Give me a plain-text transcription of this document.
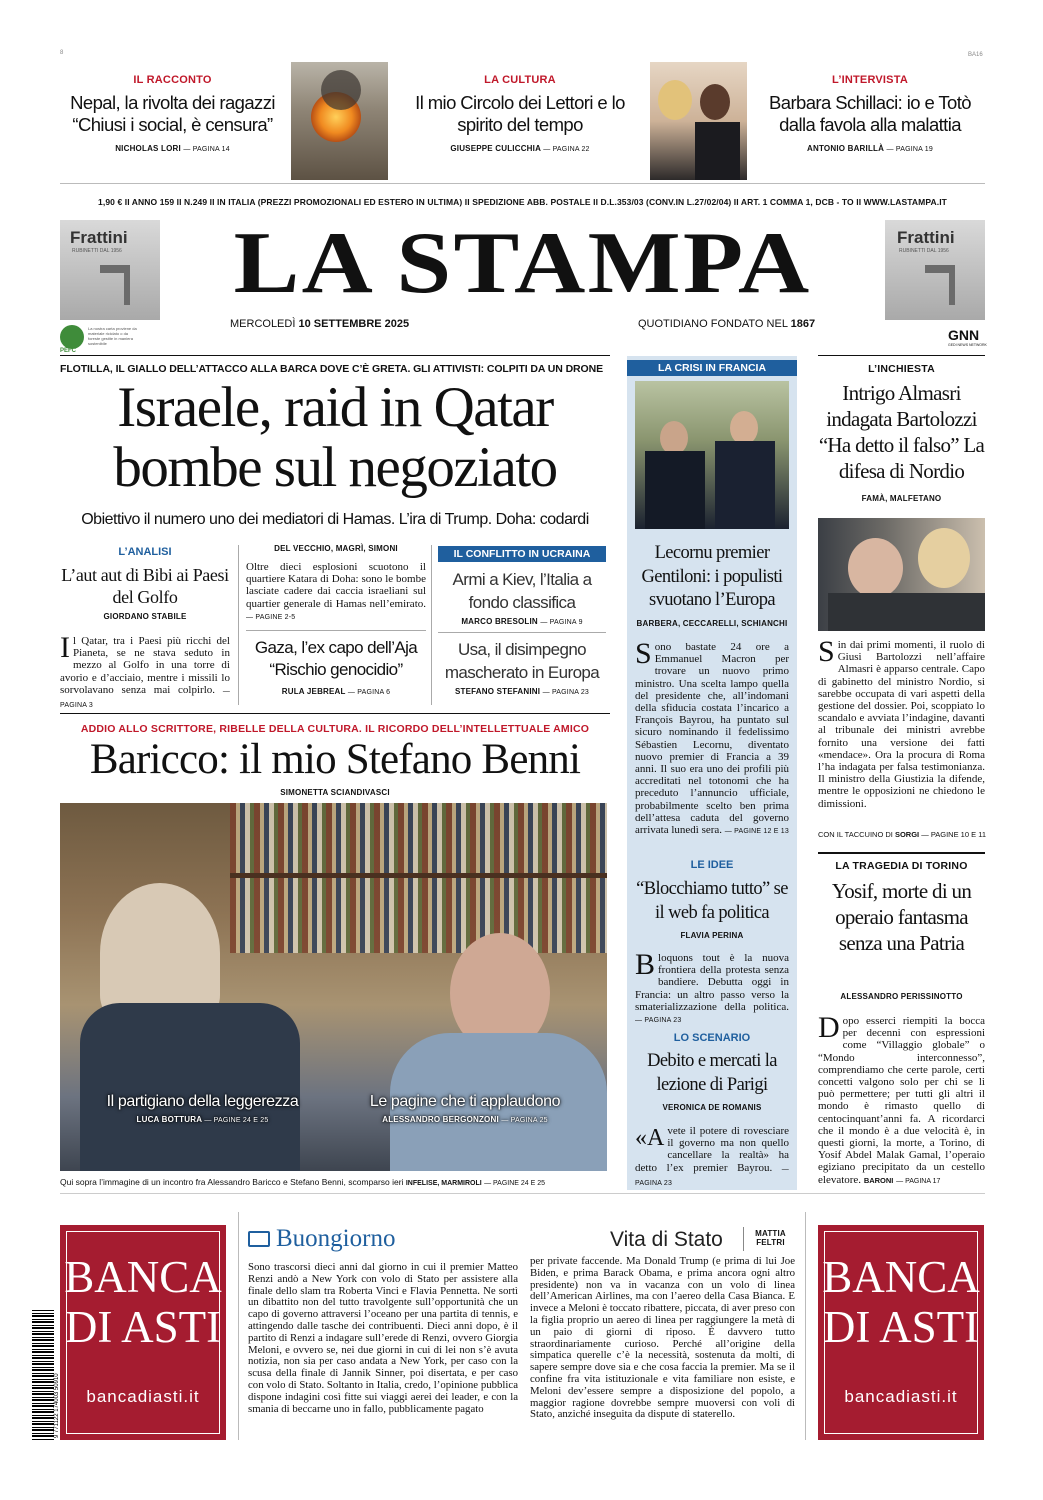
8	BA16
IL RACCONTO
Nepal, la rivolta dei ragazzi “Chiusi i social, è censura”
NICHOLAS LORI — PAGINA 14
LA CULTURA
Il mio Circolo dei Lettori e lo spirito del tempo
GIUSEPPE CULICCHIA — PAGINA 22
L’INTERVISTA
Barbara Schillaci: io e Totò dalla favola alla malattia
ANTONIO BARILLÀ — PAGINA 19
1,90 € II ANNO 159 II N.249 II IN ITALIA (PREZZI PROMOZIONALI ED ESTERO IN ULTIMA) II SPEDIZIONE ABB. POSTALE II D.L.353/03 (CONV.IN L.27/02/04) II ART. 1 COMMA 1, DCB - TO II WWW.LASTAMPA.IT
Frattini
RUBINETTI DAL 1956
Frattini
RUBINETTI DAL 1956
LA STAMPA
MERCOLEDÌ 10 SETTEMBRE 2025	QUOTIDIANO FONDATO NEL 1867
PEFC
La nostra carta proviene da materiale riciclato o da foreste gestite in maniera sostenibile
GNN
GEDI NEWS NETWORK
FLOTILLA, IL GIALLO DELL’ATTACCO ALLA BARCA DOVE C’È GRETA. GLI ATTIVISTI: COLPITI DA UN DRONE
Israele, raid in Qatar
bombe sul negoziato
Obiettivo il numero uno dei mediatori di Hamas. L’ira di Trump. Doha: codardi
L’ANALISI
L’aut aut di Bibi ai Paesi del Golfo
GIORDANO STABILE
Il Qatar, tra i Paesi più ricchi del Pianeta, se ne stava seduto in mezzo al Golfo in una torre di avorio e d’acciaio, mentre i missili lo sorvolavano senza mai colpirlo. — PAGINA 3
DEL VECCHIO, MAGRÌ, SIMONI
Oltre dieci esplosioni scuotono il quartiere Katara di Doha: sono le bombe lasciate cadere dai caccia israeliani sul quartier generale di Hamas nell’emirato. — PAGINE 2-5
Gaza, l’ex capo dell’Aja “Rischio genocidio”
RULA JEBREAL — PAGINA 6
IL CONFLITTO IN UCRAINA
Armi a Kiev, l’Italia a fondo classifica
MARCO BRESOLIN — PAGINA 9
Usa, il disimpegno mascherato in Europa
STEFANO STEFANINI — PAGINA 23
ADDIO ALLO SCRITTORE, RIBELLE DELLA CULTURA. IL RICORDO DELL’INTELLETTUALE AMICO
Baricco: il mio Stefano Benni
SIMONETTA SCIANDIVASCI
Il partigiano della leggerezza
LUCA BOTTURA — PAGINE 24 E 25
Le pagine che ti applaudono
ALESSANDRO BERGONZONI — PAGINA 25
Qui sopra l’immagine di un incontro fra Alessandro Baricco e Stefano Benni, scomparso ieri INFELISE, MARMIROLI — PAGINE 24 E 25
LA CRISI IN FRANCIA
Lecornu premier Gentiloni: i populisti svuotano l’Europa
BARBERA, CECCARELLI, SCHIANCHI
Sono bastate 24 ore a Emmanuel Macron per trovare un nuovo primo ministro. Una scelta lampo quella del presidente che, all’indomani della sfiducia costata l’incarico a François Bayrou, ha puntato sul sicuro nominando il fedelissimo Sébastien Lecornu, diventato nuovo premier di Francia a 39 anni. Il suo era uno dei profili più accreditati nel totonomi che ha preceduto l’annuncio ufficiale, probabilmente scelto ben prima dell’attesa caduta del governo arrivata lunedì sera. — PAGINE 12 E 13
LE IDEE
“Blocchiamo tutto” se il web fa politica
FLAVIA PERINA
Bloquons tout è la nuova frontiera della protesta senza bandiere. Debutta oggi in Francia: un altro passo verso la smaterializzazione della politica. — PAGINA 23
LO SCENARIO
Debito e mercati la lezione di Parigi
VERONICA DE ROMANIS
«Avete il potere di rovesciare il governo ma non quello cancellare la realtà» ha detto l’ex premier Bayrou. — PAGINA 23
L’INCHIESTA
Intrigo Almasri indagata Bartolozzi “Ha detto il falso” La difesa di Nordio
FAMÀ, MALFETANO
Sin dai primi momenti, il ruolo di Giusi Bartolozzi nell’affaire Almasri è apparso centrale. Capo di gabinetto del ministro Nordio, si sarebbe occupata di vari aspetti della gestione del dossier. Poi, scoppiato lo scandalo e avviata l’indagine, davanti al tribunale dei ministri avrebbe fornito una versione dei fatti «mendace». Ora la procura di Roma l’ha indagata per falsa testimonianza. Il ministro della Giustizia la difende, mentre le opposizioni ne chiedono le dimissioni.
CON IL TACCUINO DI SORGI — PAGINE 10 E 11
LA TRAGEDIA DI TORINO
Yosif, morte di un operaio fantasma senza una Patria
ALESSANDRO PERISSINOTTO
Dopo esserci riempiti la bocca per decenni con espressioni come “Villaggio globale” o “Mondo interconnesso”, comprendiamo che certe parole, certi concetti valgono solo per chi se li può permettere; per tutti gli altri il mondo è rimasto quello di centocinquant’anni fa. A ricordarci che il mondo è a due velocità è, in questi giorni, la morte, a Torino, di Yosif Abdel Malak Gamal, l’operaio egiziano precipitato da un cestello elevatore. BARONI — PAGINA 17
BANCA
DI ASTI
bancadiasti.it
BANCA
DI ASTI
bancadiasti.it
9 771122 174003 50910
Buongiorno	Vita di Stato	MATTIA
FELTRI
Sono trascorsi dieci anni dal giorno in cui il premier Matteo Renzi andò a New York con volo di Stato per assistere alla finale dello slam tra Roberta Vinci e Flavia Pennetta. Ne sortì un dibattito non del tutto travolgente sull’opportunità che un capo di governo attraversi l’oceano per una partita di tennis, e attingendo dalle tasche dei contribuenti. Dieci anni dopo, è il partito di Renzi a indagare sull’erede di Renzi, ovvero Giorgia Meloni, e ovvero se, nei due giorni in cui di lei non s’è avuta notizia, non sia per caso andata a New York, per caso con la scusa della finale di Jannik Sinner, poi disertata, e per caso con volo di Stato. Soltanto in Italia, credo, l’opinione pubblica dispone indagini così fitte sui viaggi aerei dei leader, e con la smania di beccarne uno in fallo, pubblicamente pagato
per private faccende. Ma Donald Trump (e prima di lui Joe Biden, e prima Barack Obama, e prima ancora ogni altro presidente) non va in vacanza con un volo di linea dell’American Airlines, ma con l’aereo della Casa Bianca. E invece a Meloni è toccato ribattere, piccata, di aver preso con la figlia proprio un aereo di linea per raggiungere la metà di un paio di giorni di riposo. È davvero tutto straordinariamente curioso. Perché all’origine della simpatica querelle c’è la necessità, sostenuta da molti, di sapere sempre dove sia e che cosa faccia la premier. Ma se il confine fra vita istituzionale e vita familiare non esiste, e Meloni dev’essere sempre a disposizione del popolo, a maggior ragione dovrebbe sempre muoversi con voli di Stato, anziché inseguita da dispute di staterello.
